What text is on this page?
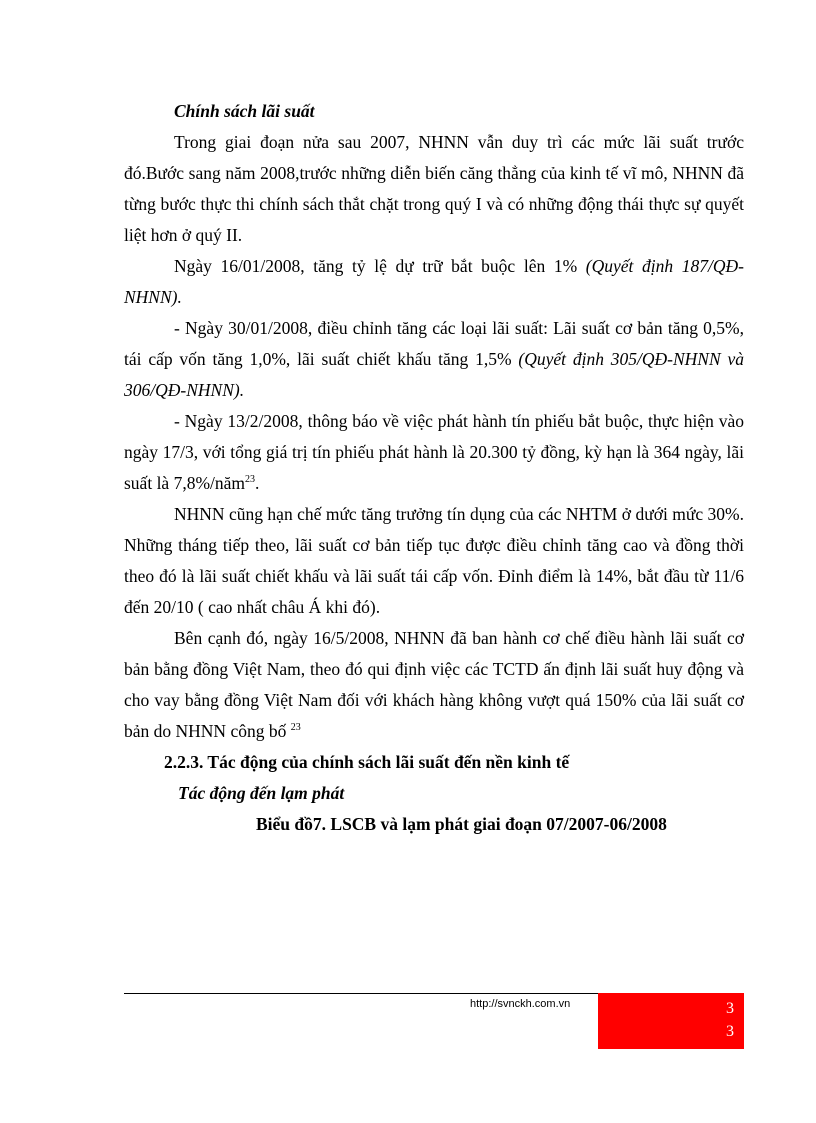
Chính sách lãi suất

Trong giai đoạn nửa sau 2007, NHNN vẫn duy trì các mức lãi suất trước đó.Bước sang năm 2008,trước những diễn biến căng thẳng của kinh tế vĩ mô, NHNN đã từng bước thực thi chính sách thắt chặt trong quý I và có những động thái thực sự quyết liệt hơn ở quý II.

Ngày 16/01/2008, tăng tỷ lệ dự trữ bắt buộc lên 1% (Quyết định 187/QĐ-NHNN).

- Ngày 30/01/2008, điều chỉnh tăng các loại lãi suất: Lãi suất cơ bản tăng 0,5%, tái cấp vốn tăng 1,0%, lãi suất chiết khấu tăng 1,5% (Quyết định 305/QĐ-NHNN và 306/QĐ-NHNN).

- Ngày 13/2/2008, thông báo về việc phát hành tín phiếu bắt buộc, thực hiện vào ngày 17/3, với tổng giá trị tín phiếu phát hành là 20.300 tỷ đồng, kỳ hạn là 364 ngày, lãi suất là 7,8%/năm$^{23}$.

NHNN cũng hạn chế mức tăng trưởng tín dụng của các NHTM ở dưới mức 30%. Những tháng tiếp theo, lãi suất cơ bản tiếp tục được điều chỉnh tăng cao và đồng thời theo đó là lãi suất chiết khấu và lãi suất tái cấp vốn. Đỉnh điểm là 14%, bắt đầu từ 11/6 đến 20/10 ( cao nhất châu Á khi đó).

Bên cạnh đó, ngày 16/5/2008, NHNN đã ban hành cơ chế điều hành lãi suất cơ bản bằng đồng Việt Nam, theo đó qui định việc các TCTD ấn định lãi suất huy động và cho vay bằng đồng Việt Nam đối với khách hàng không vượt quá 150% của lãi suất cơ bản do NHNN công bố $^{23}$

2.2.3. Tác động của chính sách lãi suất đến nền kinh tế

Tác động đến lạm phát

Biểu đồ7. LSCB và lạm phát giai đoạn 07/2007-06/2008

http://svnckh.com.vn	3
3
